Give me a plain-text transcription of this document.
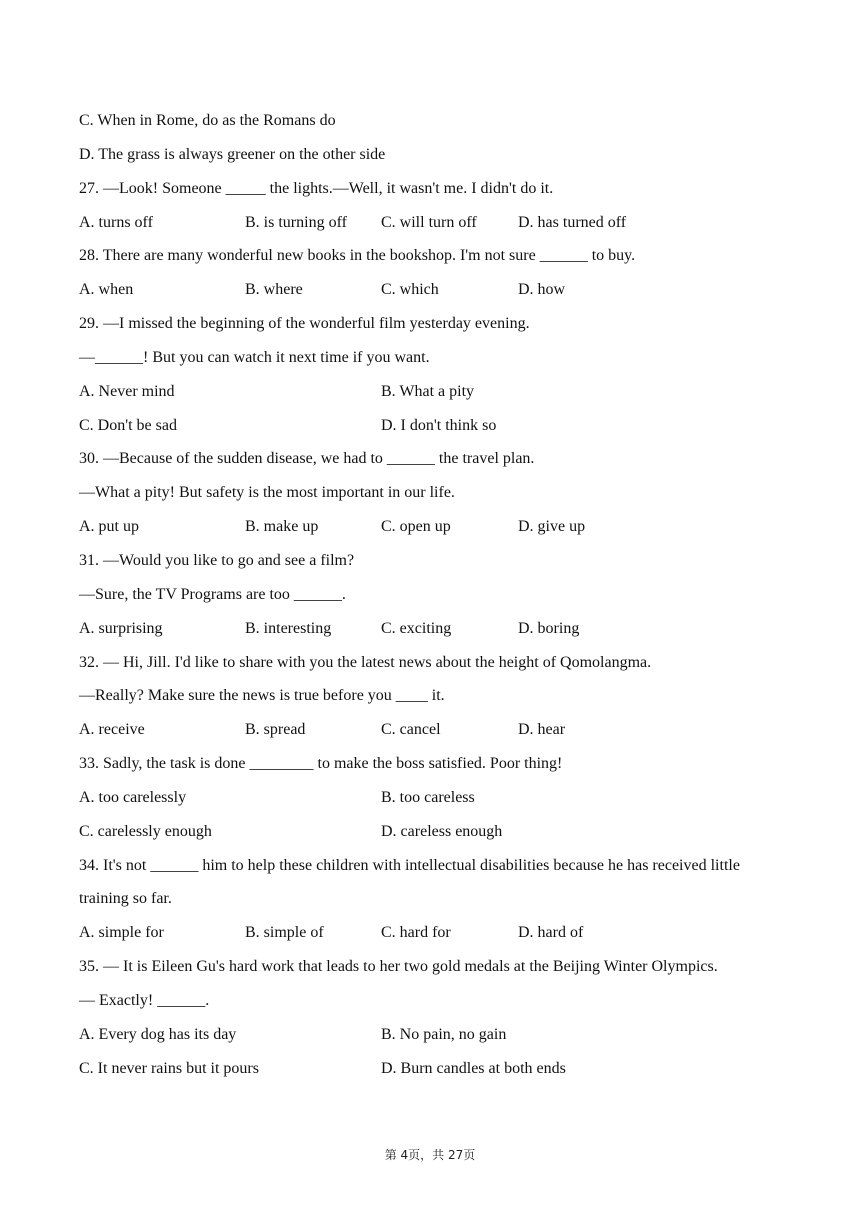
C. When in Rome, do as the Romans do
D. The grass is always greener on the other side
27. —Look! Someone _____ the lights.—Well, it wasn't me. I didn't do it.
A. turns off	B. is turning off C. will turn off	D. has turned off
28. There are many wonderful new books in the bookshop. I'm not sure ______ to buy.
A. when	B. where	C. which	D. how
29. —I missed the beginning of the wonderful film yesterday evening.
—______! But you can watch it next time if you want.
A. Never mind	B. What a pity
C. Don't be sad	D. I don't think so
30. —Because of the sudden disease, we had to ______ the travel plan.
—What a pity! But safety is the most important in our life.
A. put up	B. make up	C. open up	D. give up
31. —Would you like to go and see a film?
—Sure, the TV Programs are too ______.
A. surprising	B. interesting	C. exciting	D. boring
32. — Hi, Jill. I'd like to share with you the latest news about the height of Qomolangma.
—Really? Make sure the news is true before you ____ it.
A. receive	B. spread	C. cancel	D. hear
33. Sadly, the task is done ________ to make the boss satisfied. Poor thing!
A. too carelessly	B. too careless
C. carelessly enough	D. careless enough
34. It's not ______ him to help these children with intellectual disabilities because he has received little
training so far.
A. simple for	B. simple of	C. hard for	D. hard of
35. — It is Eileen Gu's hard work that leads to her two gold medals at the Beijing Winter Olympics.
— Exactly! ______.
A. Every dog has its day	B. No pain, no gain
C. It never rains but it pours	D. Burn candles at both ends
第 4页，共 27页
